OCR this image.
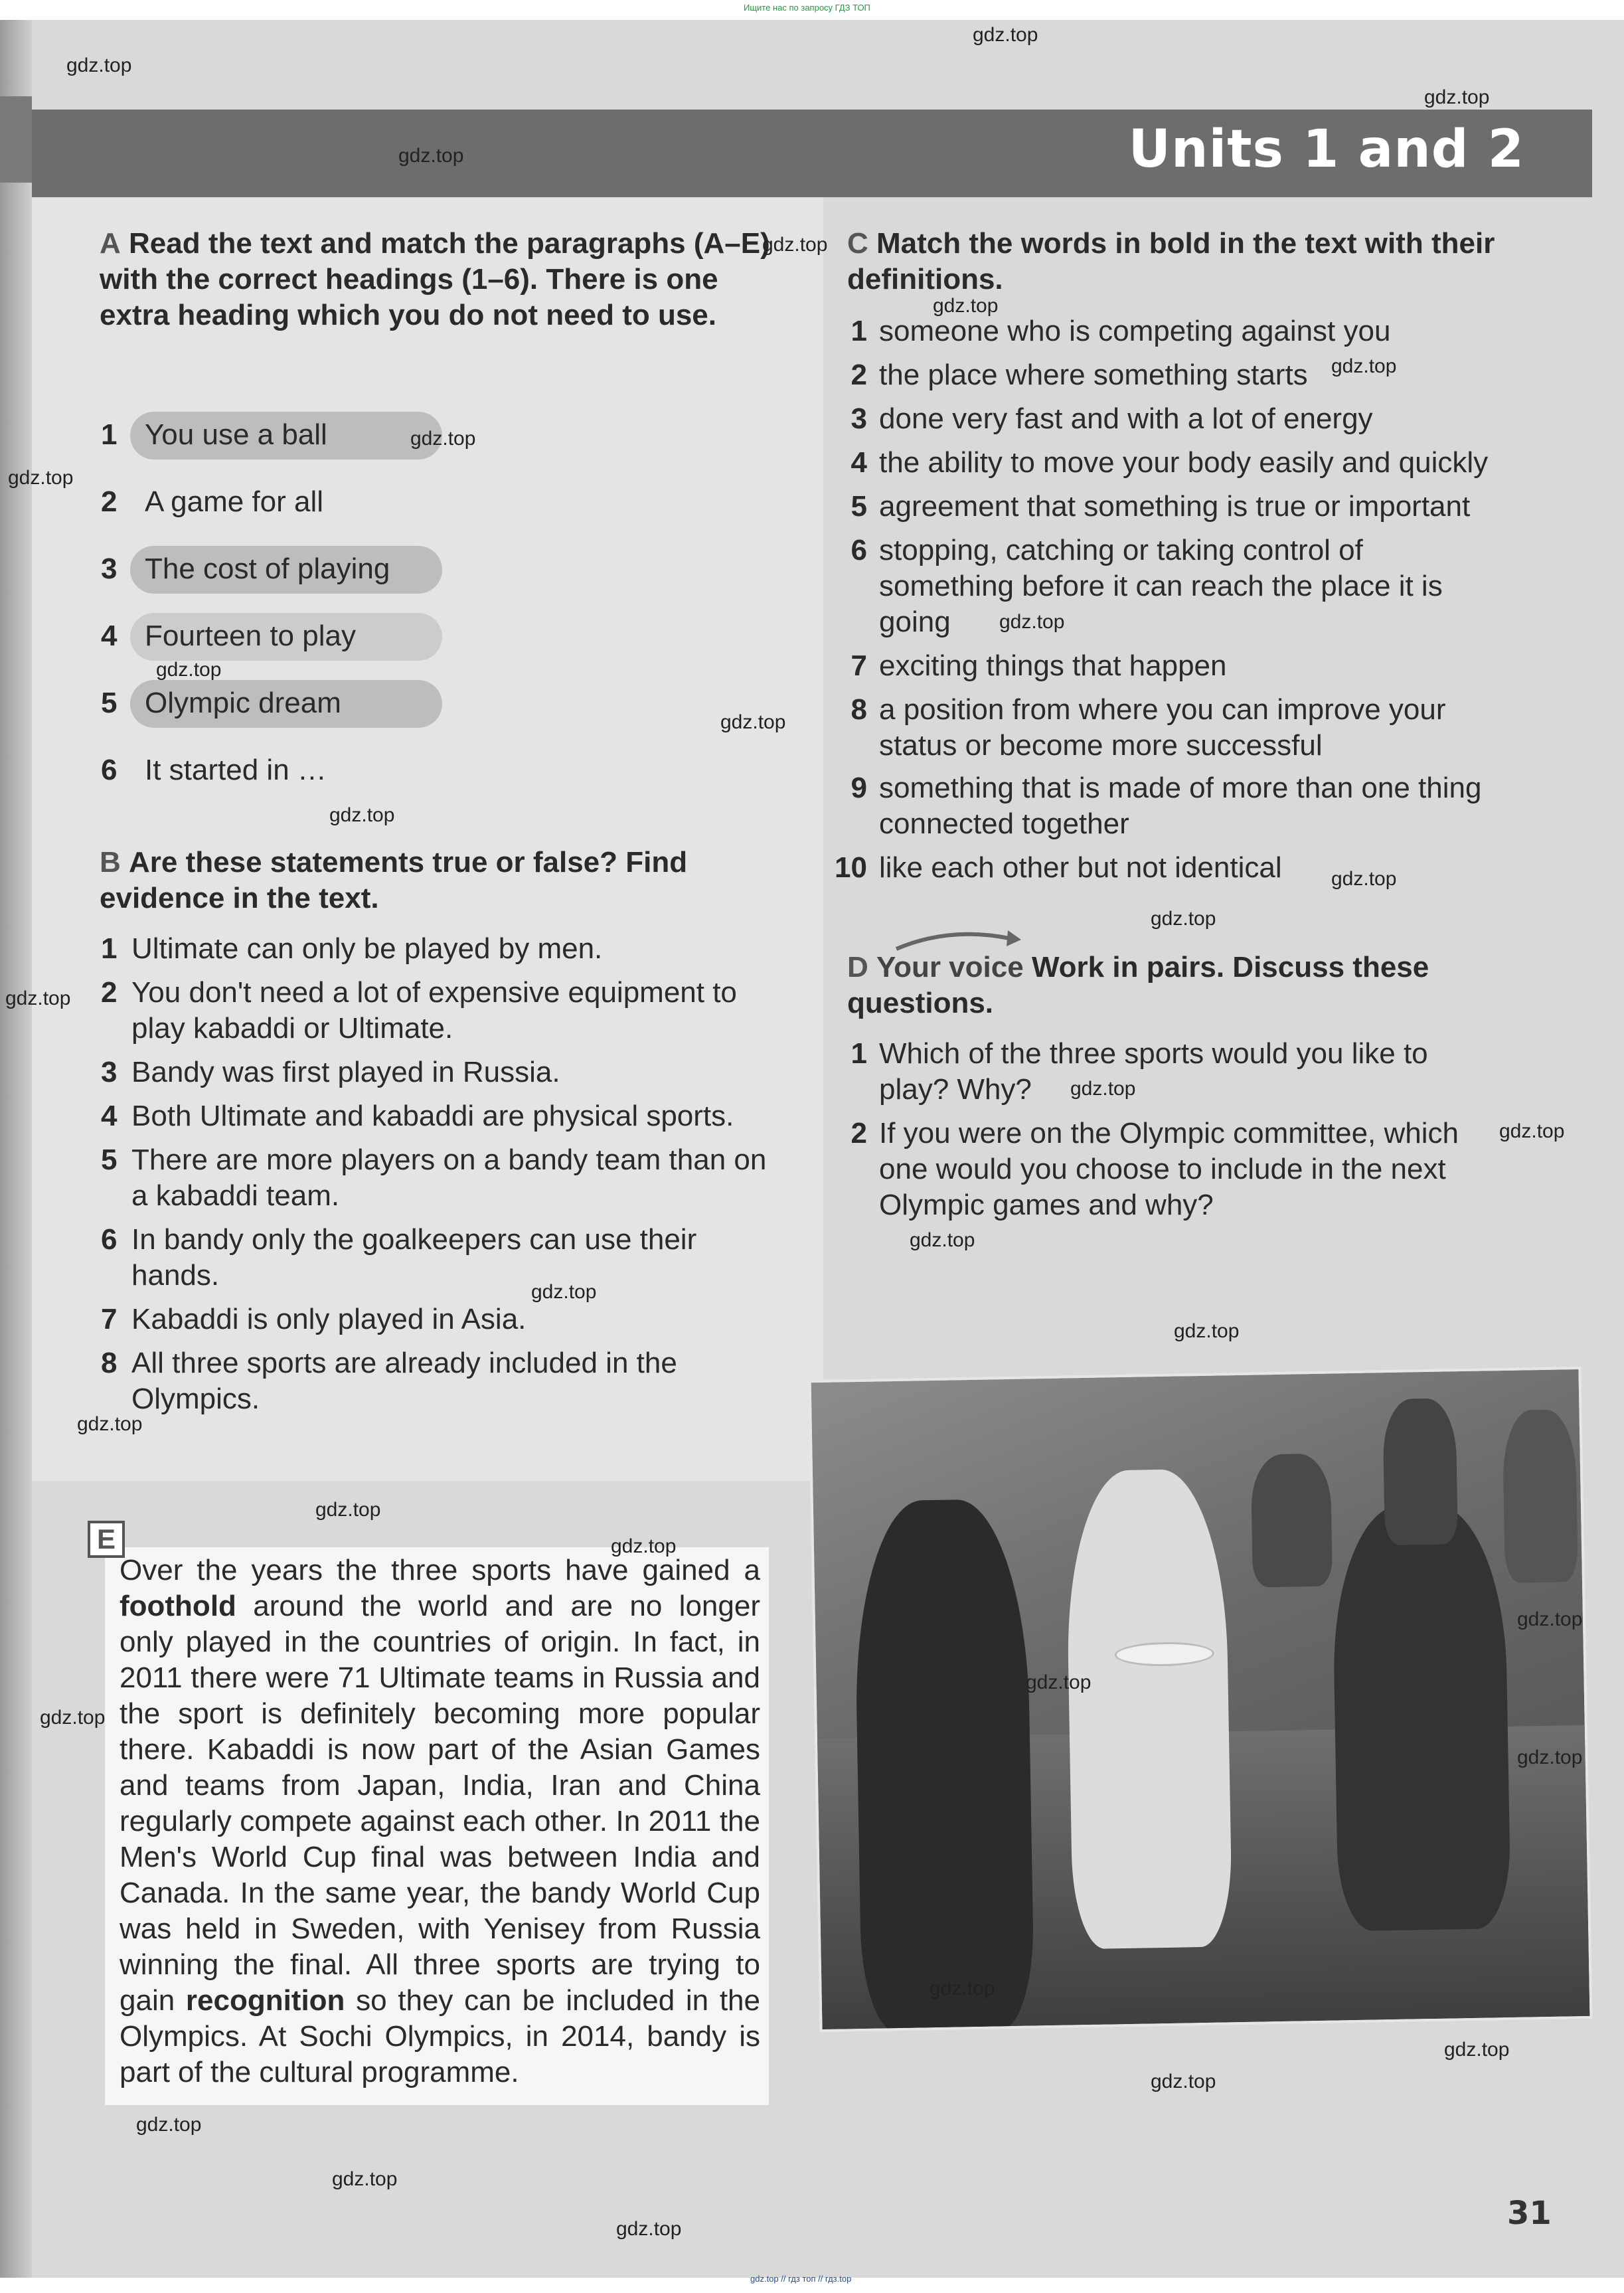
Ищите нас по запросу ГДЗ ТОП
Units 1 and 2
A Read the text and match the paragraphs (A–E) with the correct headings (1–6). There is one extra heading which you do not need to use.
1 You use a ball
2 A game for all
3 The cost of playing
4 Fourteen to play
5 Olympic dream
6 It started in …
B Are these statements true or false? Find evidence in the text.
1 Ultimate can only be played by men.
2 You don't need a lot of expensive equipment to play kabaddi or Ultimate.
3 Bandy was first played in Russia.
4 Both Ultimate and kabaddi are physical sports.
5 There are more players on a bandy team than on a kabaddi team.
6 In bandy only the goalkeepers can use their hands.
7 Kabaddi is only played in Asia.
8 All three sports are already included in the Olympics.
C Match the words in bold in the text with their definitions.
1 someone who is competing against you
2 the place where something starts
3 done very fast and with a lot of energy
4 the ability to move your body easily and quickly
5 agreement that something is true or important
6 stopping, catching or taking control of something before it can reach the place it is going
7 exciting things that happen
8 a position from where you can improve your status or become more successful
9 something that is made of more than one thing connected together
10 like each other but not identical
D Your voice Work in pairs. Discuss these questions.
1 Which of the three sports would you like to play? Why?
2 If you were on the Olympic committee, which one would you choose to include in the next Olympic games and why?
E
Over the years the three sports have gained a foothold around the world and are no longer only played in the countries of origin. In fact, in 2011 there were 71 Ultimate teams in Russia and the sport is definitely becoming more popular there. Kabaddi is now part of the Asian Games and teams from Japan, India, Iran and China regularly compete against each other. In 2011 the Men's World Cup final was between India and Canada. In the same year, the bandy World Cup was held in Sweden, with Yenisey from Russia winning the final. All three sports are trying to gain recognition so they can be included in the Olympics. At Sochi Olympics, in 2014, bandy is part of the cultural programme.
gdz.top
gdz.top
gdz.top
gdz.top
gdz.top
gdz.top
gdz.top
gdz.top
gdz.top
gdz.top
gdz.top
gdz.top
gdz.top
gdz.top
gdz.top
gdz.top
gdz.top
gdz.top
gdz.top
gdz.top
gdz.top
gdz.top
gdz.top
gdz.top
gdz.top
gdz.top
gdz.top
gdz.top
gdz.top
gdz.top
gdz.top
gdz.top
gdz.top
gdz.top	31
gdz.top // гдз топ // гдз.top
